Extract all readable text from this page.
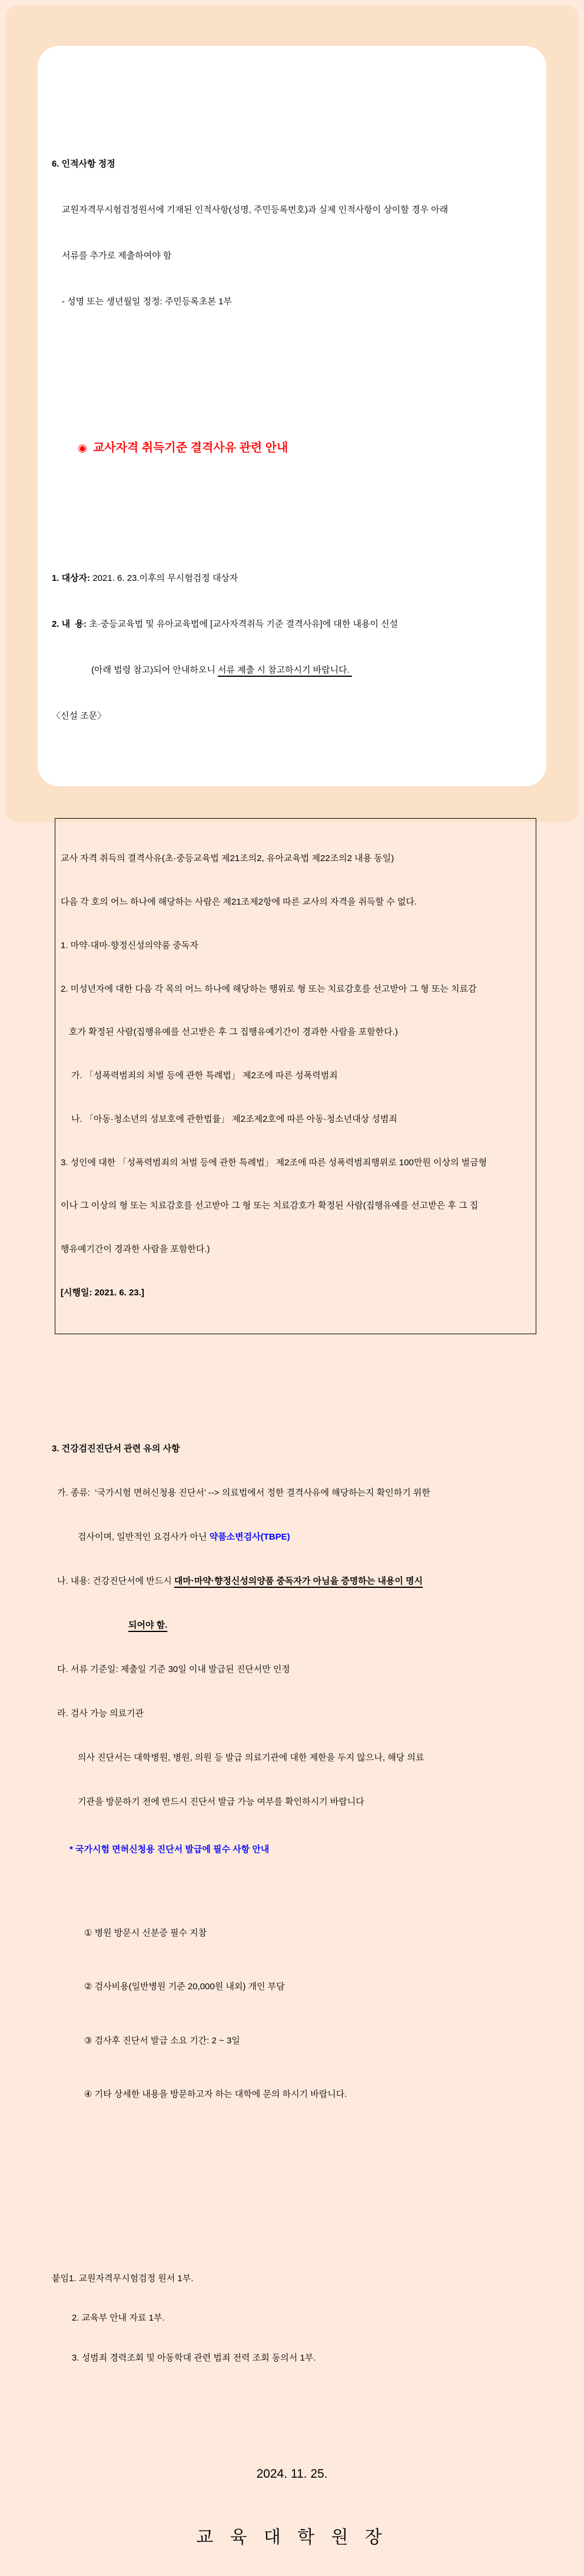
6. 인적사항 정정

교원자격무시험검정원서에 기재된 인적사항(성명, 주민등록번호)과 실제 인적사항이 상이할 경우 아래

서류를 추가로 제출하여야 함

- 성명 또는 생년월일 정정: 주민등록초본 1부

◉ 교사자격 취득기준 결격사유 관련 안내

1. 대상자: 2021. 6. 23.이후의 무시험검정 대상자

2. 내  용: 초·중등교육법 및 유아교육법에 [교사자격취득 기준 결격사유]에 대한 내용이 신설

(아래 법령 참고)되어 안내하오니 서류 제출 시 참고하시기 바랍니다.

〈신설 조문〉

교사 자격 취득의 결격사유(초·중등교육법 제21조의2, 유아교육법 제22조의2 내용 동일)

다음 각 호의 어느 하나에 해당하는 사람은 제21조제2항에 따른 교사의 자격을 취득할 수 없다.

1. 마약·대마·향정신성의약품 중독자

2. 미성년자에 대한 다음 각 목의 어느 하나에 해당하는 행위로 형 또는 치료감호를 선고받아 그 형 또는 치료감

호가 확정된 사람(집행유예를 선고받은 후 그 집행유예기간이 경과한 사람을 포함한다.)

가. 「성폭력범죄의 처벌 등에 관한 특례법」 제2조에 따른 성폭력범죄

나. 「아동·청소년의 성보호에 관한법률」 제2조제2호에 따른 아동·청소년대상 성범죄

3. 성인에 대한 「성폭력범죄의 처벌 등에 관한 특례법」 제2조에 따른 성폭력범죄행위로 100만원 이상의 벌금형

이나 그 이상의 형 또는 치료감호를 선고받아 그 형 또는 치료감호가 확정된 사람(집행유예를 선고받은 후 그 집

행유예기간이 경과한 사람을 포함한다.)

[시행일: 2021. 6. 23.]

3. 건강검진진단서 관련 유의 사항

가. 종류:  ‘국가시험 면허신청용 진단서’ --> 의료법에서 정한 결격사유에 해당하는지 확인하기 위한

검사이며, 일반적인 요검사가 아닌 약품소변검사(TBPE)

나. 내용: 건강진단서에 반드시 대마·마약·향정신성의양품 중독자가 아님을 증명하는 내용이 명시

되어야 함.

다. 서류 기준일: 제출일 기준 30일 이내 발급된 진단서만 인정

라. 검사 가능 의료기관

의사 진단서는 대학병원, 병원, 의원 등 발급 의료기관에 대한 제한을 두지 않으나, 해당 의료

기관을 방문하기 전에 반드시 진단서 발급 가능 여부를 확인하시기 바랍니다

* 국가시험 면허신청용 진단서 발급에 필수 사항 안내

① 병원 방문시 신분증 필수 지참

② 검사비용(일반병원 기준 20,000원 내외) 개인 부담

③ 검사후 진단서 발급 소요 기간: 2 ~ 3일

④ 기타 상세한 내용을 방문하고자 하는 대학에 문의 하시기 바랍니다.

붙임1. 교원자격무시험검정 원서 1부.

2. 교육부 안내 자료 1부.

3. 성범죄 경력조회 및 아동학대 관련 법죄 전력 조회 동의서 1부.

2024. 11. 25.

교 육 대 학 원 장
